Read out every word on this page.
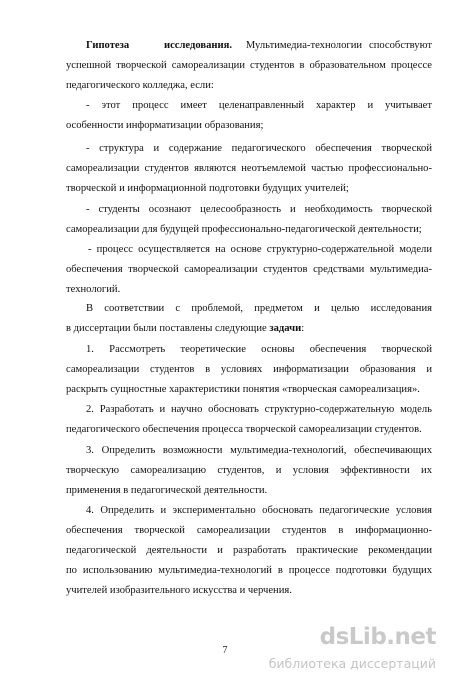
Гипотеза	исследования. Мультимедиа-технологии способствуют
успешной творческой самореализации студентов в образовательном процессе
педагогического колледжа, если:
- этот процесс имеет целенаправленный характер и учитывает
особенности информатизации образования;
- структура и содержание педагогического обеспечения творческой
самореализации студентов являются неотъемлемой частью профессионально-
творческой и информационной подготовки будущих учителей;
- студенты осознают целесообразность и необходимость творческой
самореализации для будущей профессионально-педагогической деятельности;
- процесс осуществляется на основе структурно-содержательной модели
обеспечения творческой самореализации студентов средствами мультимедиа-
технологий.
В соответствии с проблемой, предметом и целью исследования
в диссертации были поставлены следующие задачи:
1. Рассмотреть теоретические основы обеспечения творческой
самореализации студентов в условиях информатизации образования и
раскрыть сущностные характеристики понятия «творческая самореализация».
2. Разработать и научно обосновать структурно-содержательную модель
педагогического обеспечения процесса творческой самореализации студентов.
3. Определить возможности мультимедиа-технологий, обеспечивающих
творческую самореализацию студентов, и условия эффективности их
применения в педагогической деятельности.
4. Определить и экспериментально обосновать педагогические условия
обеспечения творческой самореализации студентов в информационно-
педагогической деятельности и разработать практические рекомендации
по использованию мультимедиа-технологий в процессе подготовки будущих
учителей изобразительного искусства и черчения.
7
dsLib.net
библиотека диссертаций
